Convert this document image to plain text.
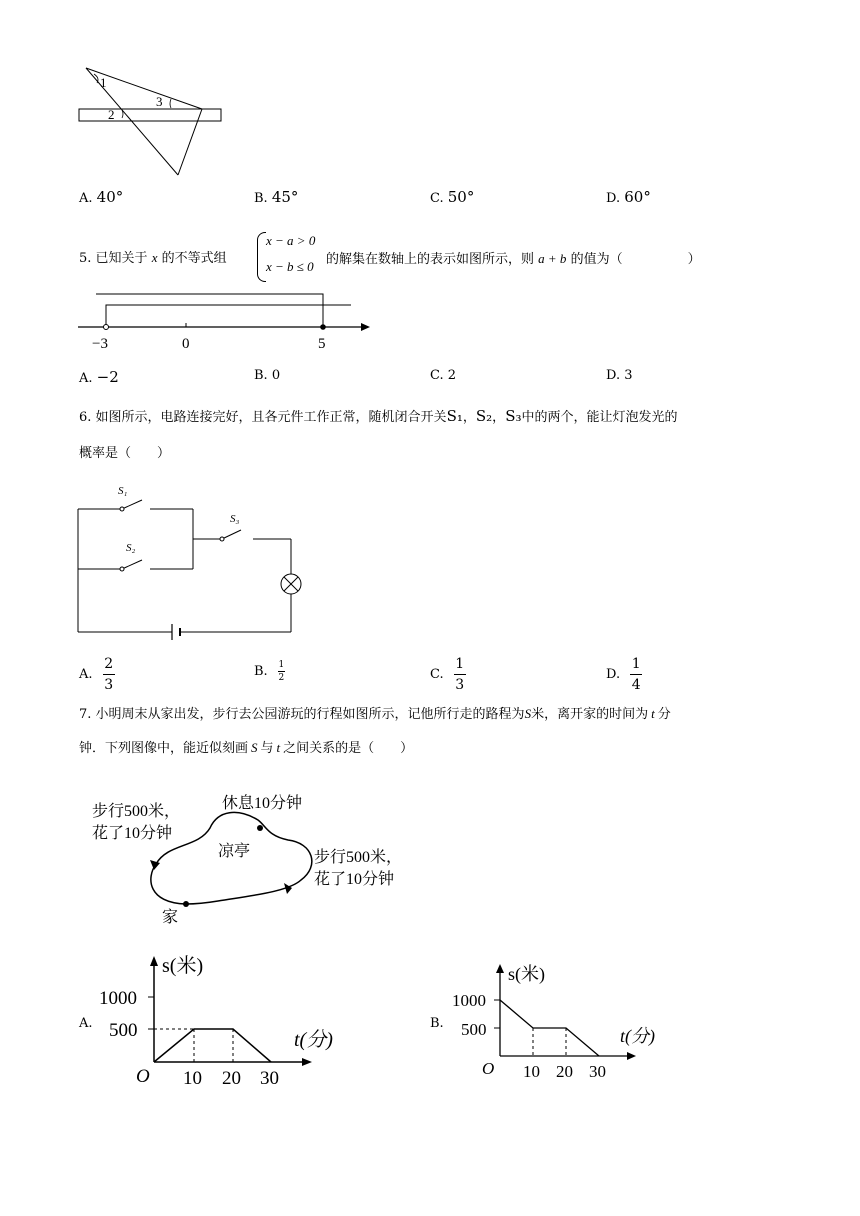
1
2
3
A. 40°	B. 45°	C. 50°	D. 60°
5. 已知关于 x 的不等式组
x − a > 0
x − b ≤ 0 的解集在数轴上的表示如图所示，则 a + b 的值为（　　　　　）
−3	0	5
A. −2	B. 0	C. 2	D. 3
6. 如图所示，电路连接完好，且各元件工作正常，随机闭合开关S₁，S₂，S₃中的两个，能让灯泡发光的
概率是（　　）
S₁
S₂
S₃
A. $\frac{2}{3}$	B. $\frac{1}{2}$	C. $\frac{1}{3}$	D. $\frac{1}{4}$
7. 小明周末从家出发，步行去公园游玩的行程如图所示，记他所行走的路程为S米，离开家的时间为 t 分
钟．下列图像中，能近似刻画 S 与 t 之间关系的是（　　）
步行500米，
花了10分钟
休息10分钟
凉亭	步行500米，
花了10分钟
家
A.
s(米)
t(分)
1000
500
O 10 20 30
B.
s(米)
t(分)
1000
500
O 10 20 30
